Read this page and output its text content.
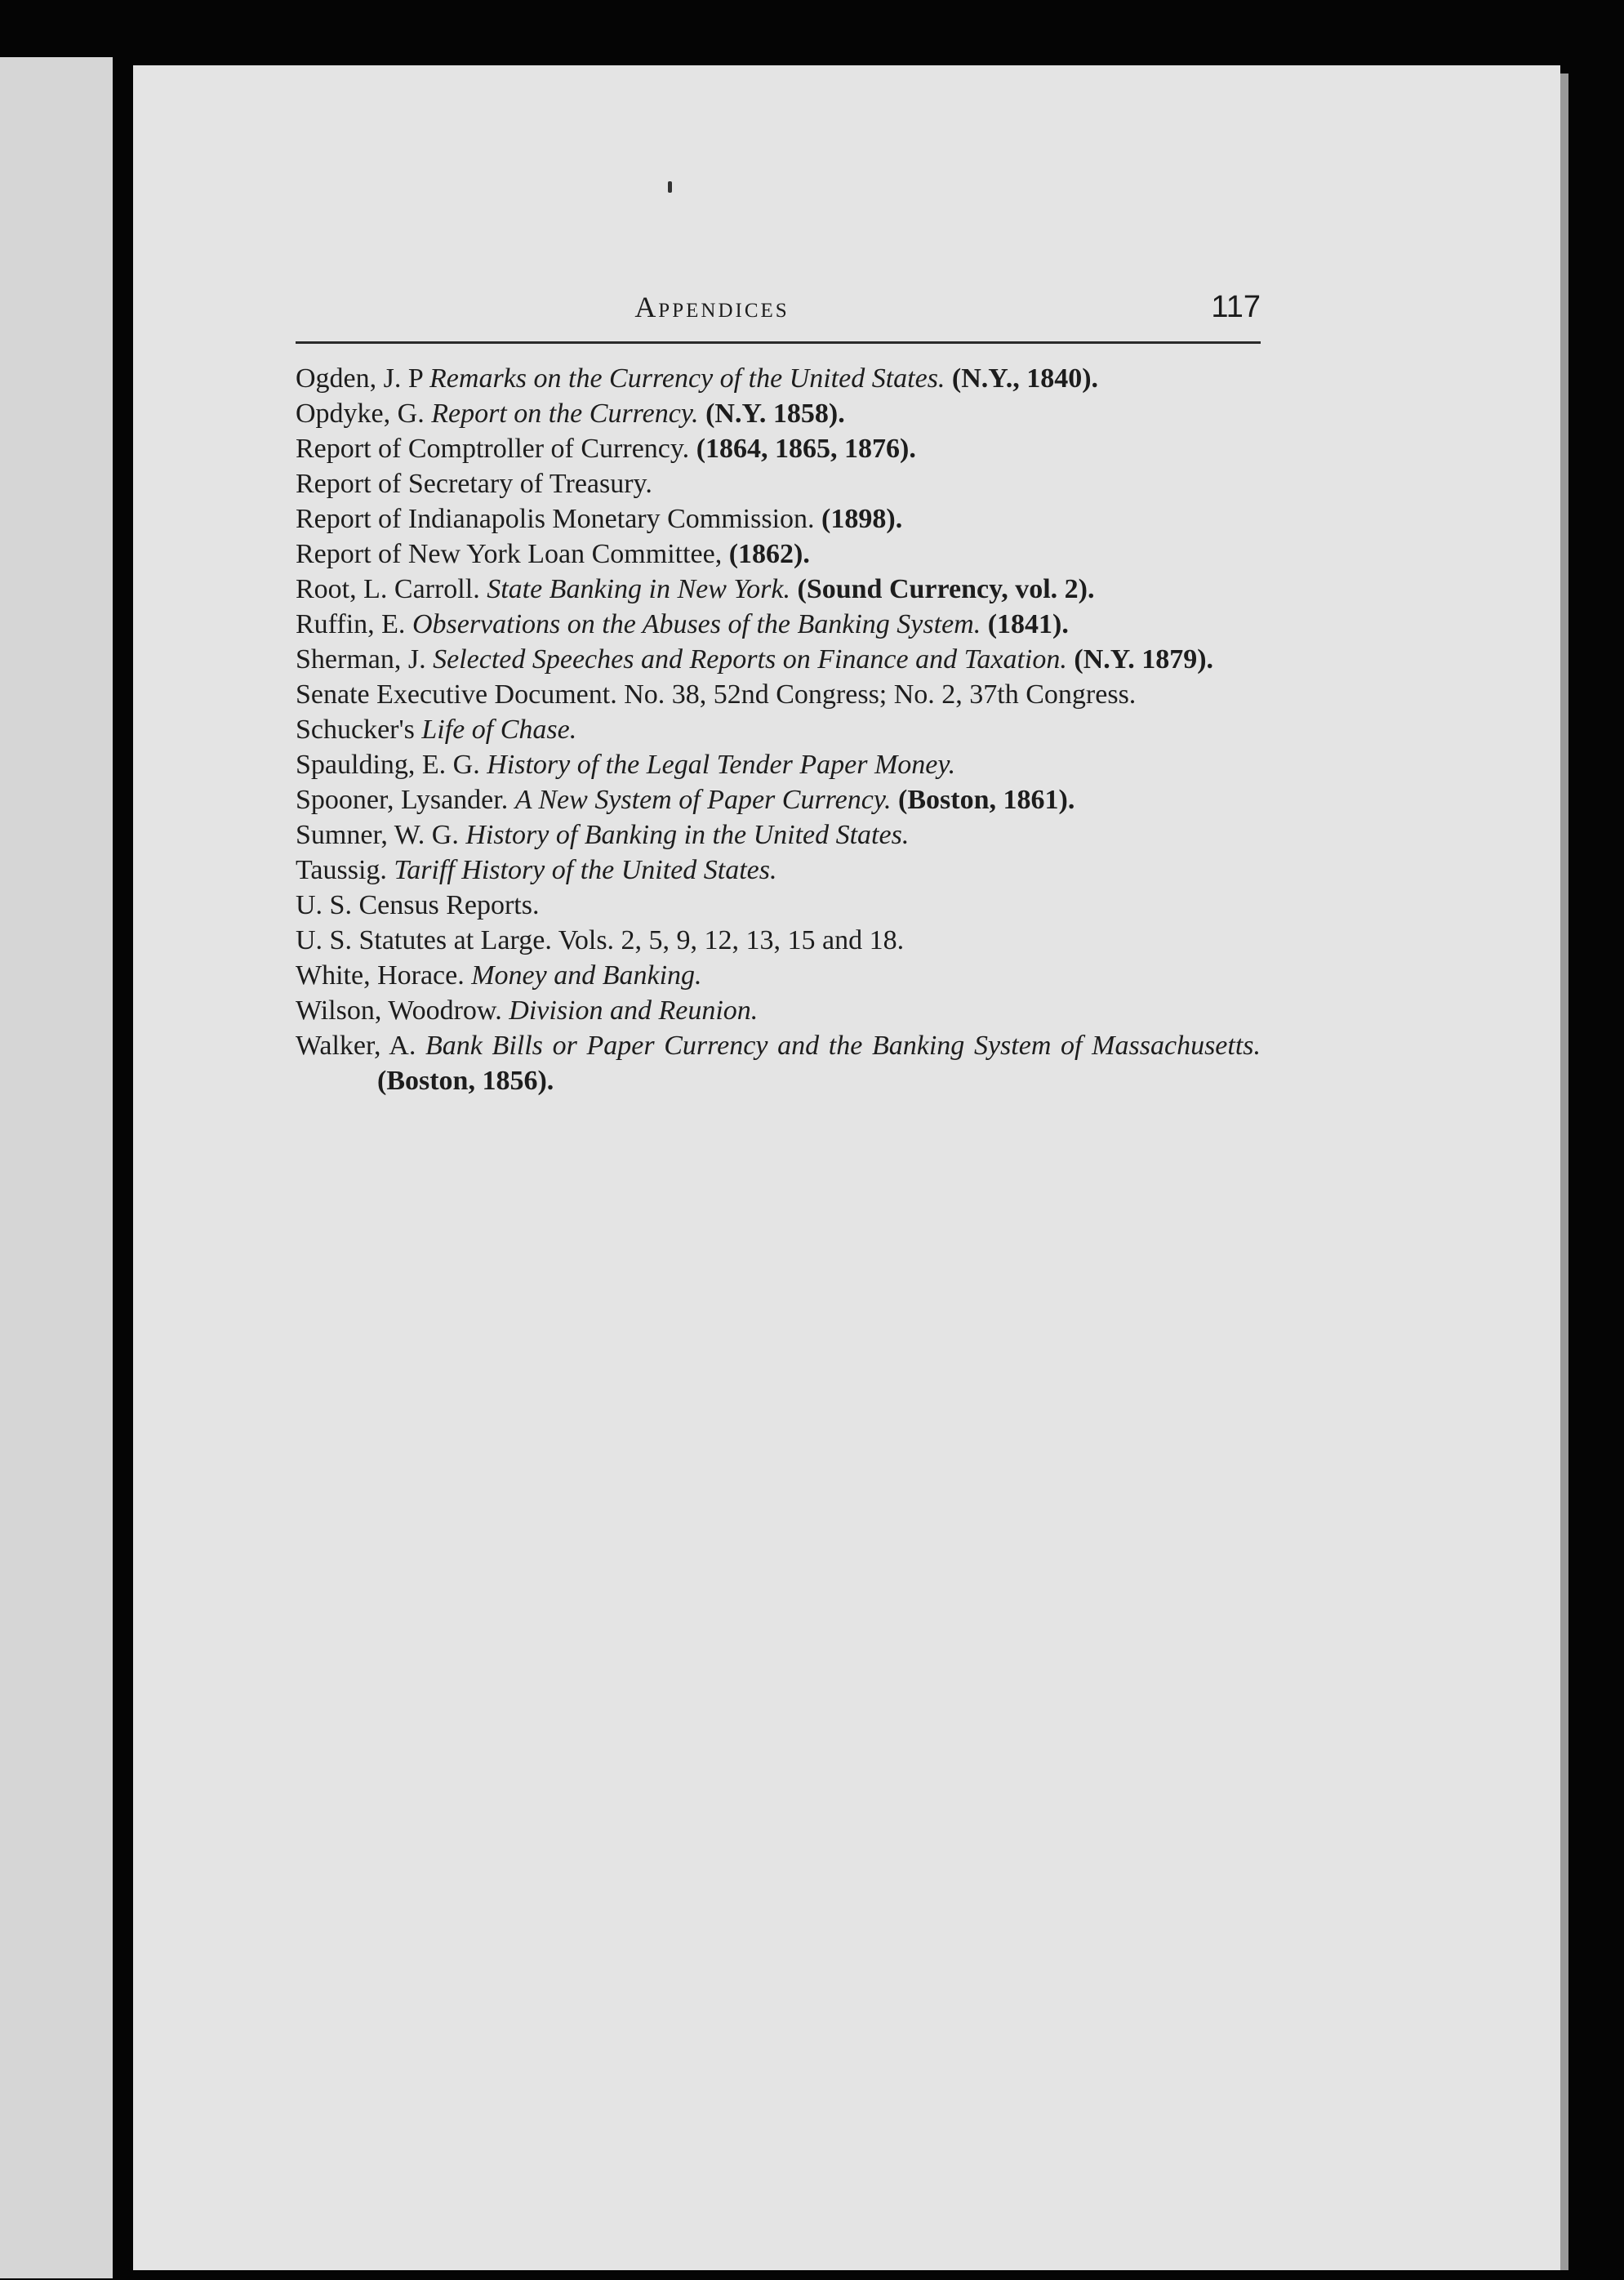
Appendices	117
Ogden, J. P Remarks on the Currency of the United States. (N.Y., 1840).
Opdyke, G. Report on the Currency. (N.Y. 1858).
Report of Comptroller of Currency. (1864, 1865, 1876).
Report of Secretary of Treasury.
Report of Indianapolis Monetary Commission. (1898).
Report of New York Loan Committee, (1862).
Root, L. Carroll. State Banking in New York. (Sound Currency, vol. 2).
Ruffin, E. Observations on the Abuses of the Banking System. (1841).
Sherman, J. Selected Speeches and Reports on Finance and Taxation. (N.Y. 1879).
Senate Executive Document. No. 38, 52nd Congress; No. 2, 37th Congress.
Schucker's Life of Chase.
Spaulding, E. G. History of the Legal Tender Paper Money.
Spooner, Lysander. A New System of Paper Currency. (Boston, 1861).
Sumner, W. G. History of Banking in the United States.
Taussig. Tariff History of the United States.
U. S. Census Reports.
U. S. Statutes at Large. Vols. 2, 5, 9, 12, 13, 15 and 18.
White, Horace. Money and Banking.
Wilson, Woodrow. Division and Reunion.
Walker, A. Bank Bills or Paper Currency and the Banking System of Massachusetts. (Boston, 1856).
